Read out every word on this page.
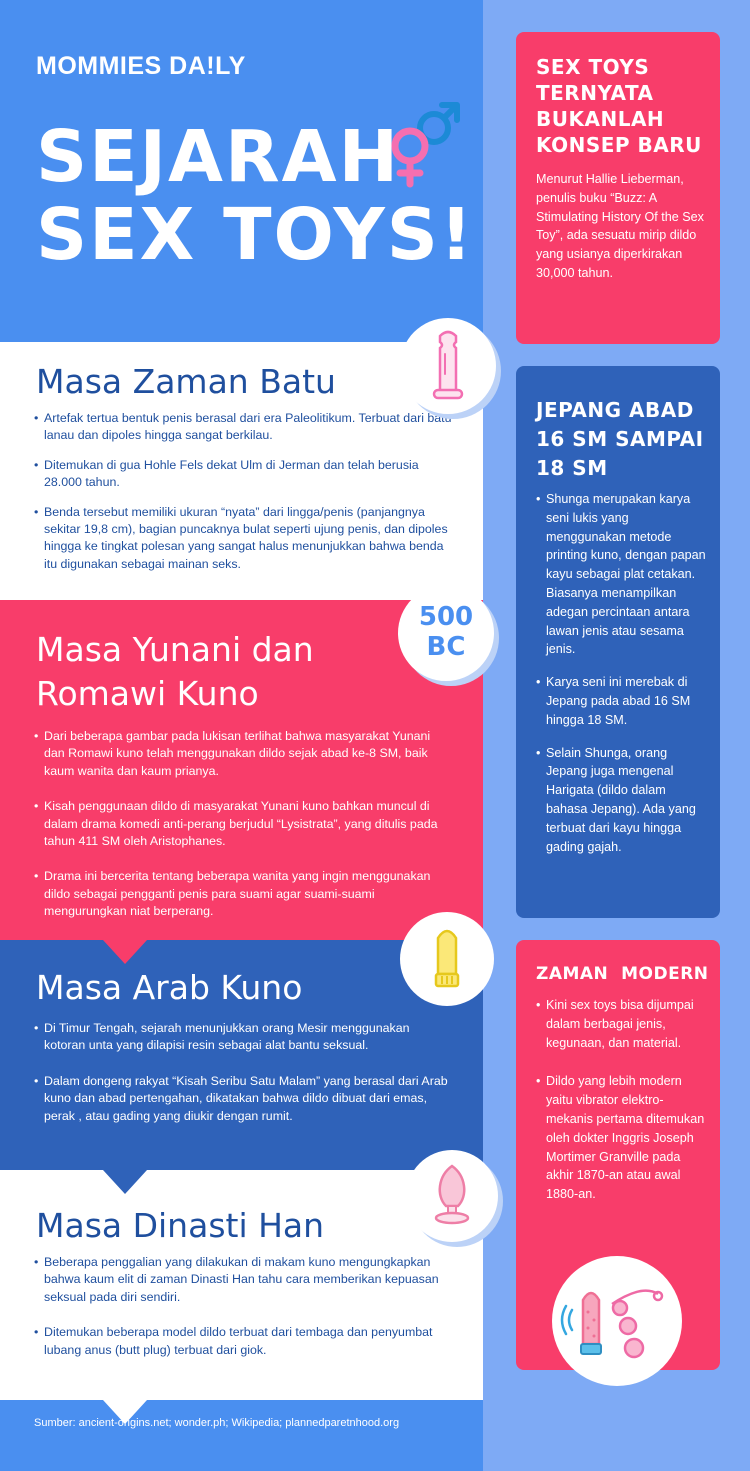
MOMMIES DA!LY
SEJARAH
SEX TOYS!
Masa Zaman Batu
• Artefak tertua bentuk penis berasal dari era Paleolitikum. Terbuat dari batu lanau dan dipoles hingga sangat berkilau.
• Ditemukan di gua Hohle Fels dekat Ulm di Jerman dan telah berusia 28.000 tahun.
• Benda tersebut memiliki ukuran “nyata” dari lingga/penis (panjangnya sekitar 19,8 cm), bagian puncaknya bulat seperti ujung penis, dan dipoles hingga ke tingkat polesan yang sangat halus menunjukkan bahwa benda itu digunakan sebagai mainan seks.
Masa Yunani dan
Romawi Kuno
• Dari beberapa gambar pada lukisan terlihat bahwa masyarakat Yunani dan Romawi kuno telah menggunakan dildo sejak abad ke-8 SM, baik kaum wanita dan kaum prianya.
• Kisah penggunaan dildo di masyarakat Yunani kuno bahkan muncul di dalam drama komedi anti-perang berjudul “Lysistrata”, yang ditulis pada tahun 411 SM oleh Aristophanes.
• Drama ini bercerita tentang beberapa wanita yang ingin menggunakan dildo sebagai pengganti penis para suami agar suami-suami mengurungkan niat berperang.
500 BC
Masa Arab Kuno
• Di Timur Tengah, sejarah menunjukkan orang Mesir menggunakan kotoran unta yang dilapisi resin sebagai alat bantu seksual.
• Dalam dongeng rakyat “Kisah Seribu Satu Malam” yang berasal dari Arab kuno dan abad pertengahan, dikatakan bahwa dildo dibuat dari emas, perak , atau gading yang diukir dengan rumit.
Masa Dinasti Han
• Beberapa penggalian yang dilakukan di makam kuno mengungkapkan bahwa kaum elit di zaman Dinasti Han tahu cara memberikan kepuasan seksual pada diri sendiri.
• Ditemukan beberapa model dildo terbuat dari tembaga dan penyumbat lubang anus (butt plug) terbuat dari giok.
SEX TOYS
TERNYATA
BUKANLAH
KONSEP BARU
Menurut Hallie Lieberman, penulis buku “Buzz: A Stimulating History Of the Sex Toy”, ada sesuatu mirip dildo yang usianya diperkirakan 30,000 tahun.
JEPANG ABAD
16 SM SAMPAI
18 SM
• Shunga merupakan karya seni lukis yang menggunakan metode printing kuno, dengan papan kayu sebagai plat cetakan. Biasanya menampilkan adegan percintaan antara lawan jenis atau sesama jenis.
• Karya seni ini merebak di Jepang pada abad 16 SM hingga 18 SM.
• Selain Shunga, orang Jepang juga mengenal Harigata (dildo dalam bahasa Jepang). Ada yang terbuat dari kayu hingga gading gajah.
ZAMAN  MODERN
• Kini sex toys bisa dijumpai dalam berbagai jenis, kegunaan, dan material.
• Dildo yang lebih modern yaitu vibrator elektro-mekanis pertama ditemukan oleh dokter Inggris Joseph Mortimer Granville pada akhir 1870-an atau awal 1880-an.
Sumber: ancient-origins.net; wonder.ph; Wikipedia; plannedparetnhood.org
